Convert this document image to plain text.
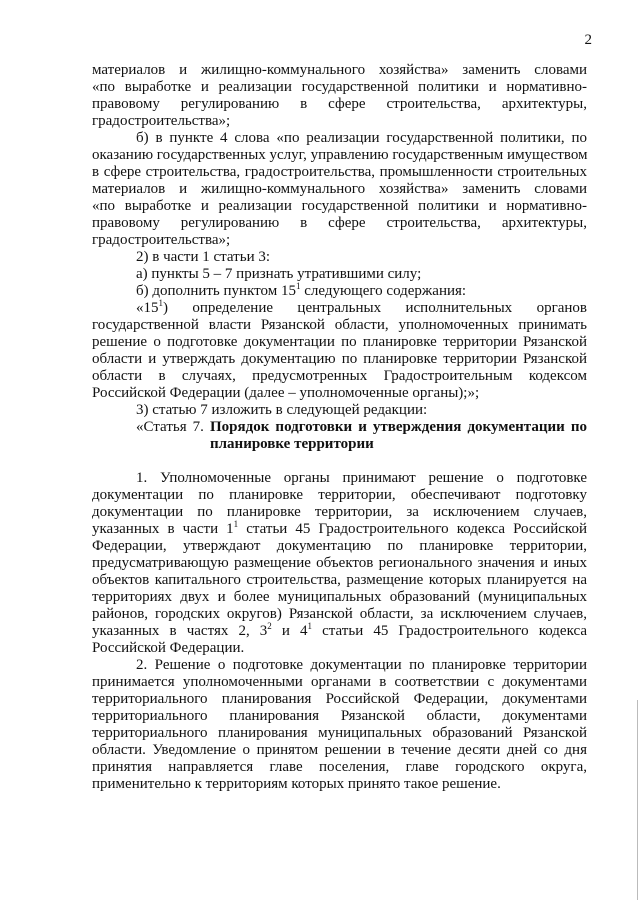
2
материалов и жилищно-коммунального хозяйства» заменить словами
«по выработке и реализации государственной политики и нормативно-
правовому регулированию в сфере строительства, архитектуры,
градостроительства»;
б) в пункте 4 слова «по реализации государственной политики, по
оказанию государственных услуг, управлению государственным имуществом
в сфере строительства, градостроительства, промышленности строительных
материалов и жилищно-коммунального хозяйства» заменить словами
«по выработке и реализации государственной политики и нормативно-
правовому регулированию в сфере строительства, архитектуры,
градостроительства»;
2) в части 1 статьи 3:
а) пункты 5 – 7 признать утратившими силу;
б) дополнить пунктом $15^1$ следующего содержания:
«$15^1$) определение центральных исполнительных органов
государственной власти Рязанской области, уполномоченных принимать
решение о подготовке документации по планировке территории Рязанской
области и утверждать документацию по планировке территории Рязанской
области в случаях, предусмотренных Градостроительным кодексом
Российской Федерации (далее – уполномоченные органы);»;
3) статью 7 изложить в следующей редакции:
«Статья 7. Порядок подготовки и утверждения документации по
планировке территории
1. Уполномоченные органы принимают решение о подготовке
документации по планировке территории, обеспечивают подготовку
документации по планировке территории, за исключением случаев,
указанных в части $1^1$ статьи 45 Градостроительного кодекса Российской
Федерации, утверждают документацию по планировке территории,
предусматривающую размещение объектов регионального значения и иных
объектов капитального строительства, размещение которых планируется на
территориях двух и более муниципальных образований (муниципальных
районов, городских округов) Рязанской области, за исключением случаев,
указанных в частях 2, $3^2$ и $4^1$ статьи 45 Градостроительного кодекса
Российской Федерации.
2. Решение о подготовке документации по планировке территории
принимается уполномоченными органами в соответствии с документами
территориального планирования Российской Федерации, документами
территориального планирования Рязанской области, документами
территориального планирования муниципальных образований Рязанской
области. Уведомление о принятом решении в течение десяти дней со дня
принятия направляется главе поселения, главе городского округа,
применительно к территориям которых принято такое решение.
